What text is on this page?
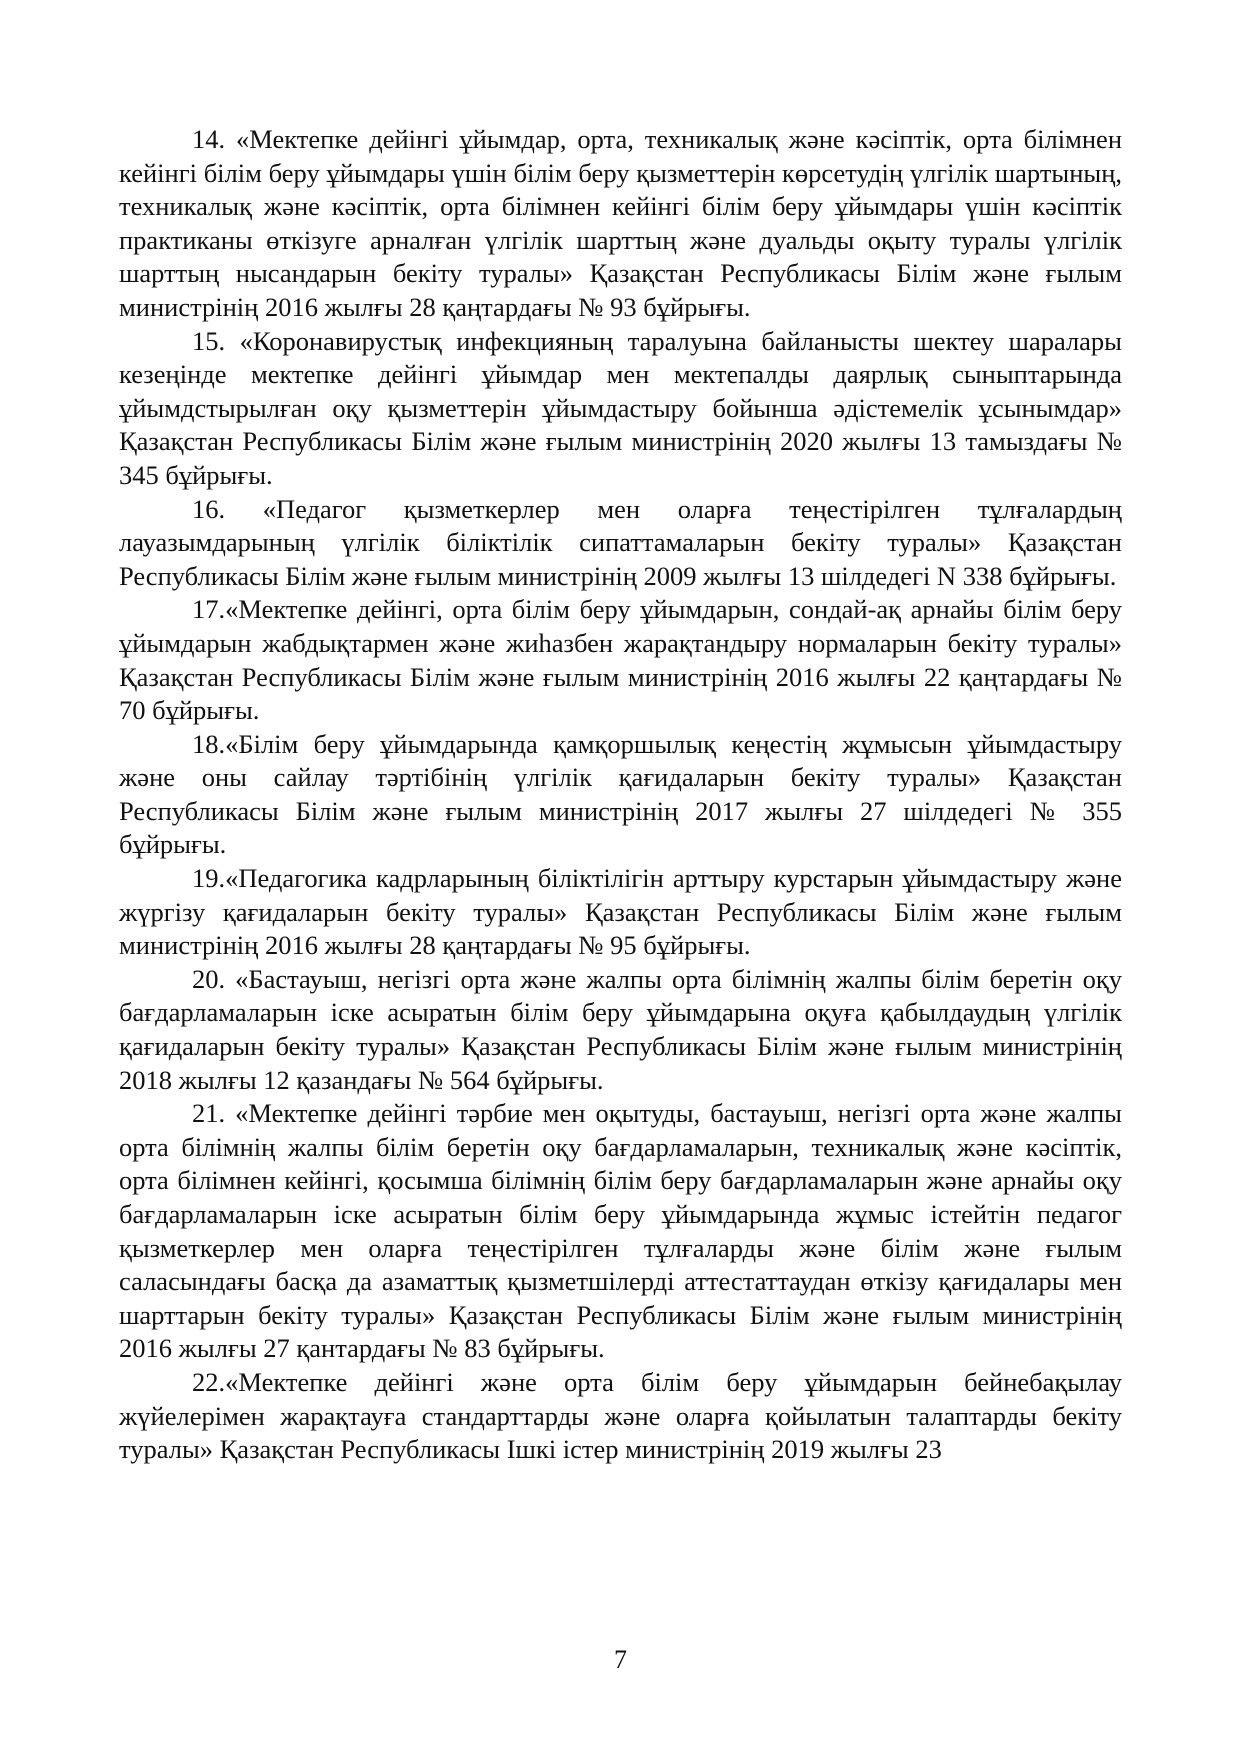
14. «Мектепке дейінгі ұйымдар, орта, техникалық және кәсіптік, орта білімнен кейінгі білім беру ұйымдары үшін білім беру қызметтерін көрсетудің үлгілік шартының, техникалық және кәсіптік, орта білімнен кейінгі білім беру ұйымдары үшін кәсіптік практиканы өткізуге арналған үлгілік шарттың және дуальды оқыту туралы үлгілік шарттың нысандарын бекіту туралы» Қазақстан Республикасы Білім және ғылым министрінің 2016 жылғы 28 қаңтардағы № 93 бұйрығы.

15. «Коронавирустық инфекцияның таралуына байланысты шектеу шаралары кезеңінде мектепке дейінгі ұйымдар мен мектепалды даярлық сыныптарында ұйымдстырылған оқу қызметтерін ұйымдастыру бойынша әдістемелік ұсынымдар» Қазақстан Республикасы Білім және ғылым министрінің 2020 жылғы 13 тамыздағы № 345 бұйрығы.

16. «Педагог қызметкерлер мен оларға теңестірілген тұлғалардың лауазымдарының үлгілік біліктілік сипаттамаларын бекіту туралы» Қазақстан Республикасы Білім және ғылым министрінің 2009 жылғы 13 шілдедегі N 338 бұйрығы.

17.«Мектепке дейінгі, орта білім беру ұйымдарын, сондай-ақ арнайы білім беру ұйымдарын жабдықтармен және жиһазбен жарақтандыру нормаларын бекіту туралы» Қазақстан Республикасы Білім және ғылым министрінің 2016 жылғы 22 қаңтардағы № 70 бұйрығы.

18.«Білім беру ұйымдарында қамқоршылық кеңестің жұмысын ұйымдастыру және оны сайлау тәртібінің үлгілік қағидаларын бекіту туралы» Қазақстан Республикасы Білім және ғылым министрінің 2017 жылғы 27 шілдедегі № 355 бұйрығы.

19.«Педагогика кадрларының біліктілігін арттыру курстарын ұйымдастыру және жүргізу қағидаларын бекіту туралы» Қазақстан Республикасы Білім және ғылым министрінің 2016 жылғы 28 қаңтардағы № 95 бұйрығы.

20. «Бастауыш, негізгі орта және жалпы орта білімнің жалпы білім беретін оқу бағдарламаларын іске асыратын білім беру ұйымдарына оқуға қабылдаудың үлгілік қағидаларын бекіту туралы» Қазақстан Республикасы Білім және ғылым министрінің 2018 жылғы 12 қазандағы № 564 бұйрығы.

21. «Мектепке дейінгі тәрбие мен оқытуды, бастауыш, негізгі орта және жалпы орта білімнің жалпы білім беретін оқу бағдарламаларын, техникалық және кәсіптік, орта білімнен кейінгі, қосымша білімнің білім беру бағдарламаларын және арнайы оқу бағдарламаларын іске асыратын білім беру ұйымдарында жұмыс істейтін педагог қызметкерлер мен оларға теңестірілген тұлғаларды және білім және ғылым саласындағы басқа да азаматтық қызметшілерді аттестаттаудан өткізу қағидалары мен шарттарын бекіту туралы» Қазақстан Республикасы Білім және ғылым министрінің 2016 жылғы 27 қантардағы № 83 бұйрығы.

22.«Мектепке дейінгі және орта білім беру ұйымдарын бейнебақылау жүйелерімен жарақтауға стандарттарды және оларға қойылатын талаптарды бекіту туралы» Қазақстан Республикасы Ішкі істер министрінің 2019 жылғы 23

7
